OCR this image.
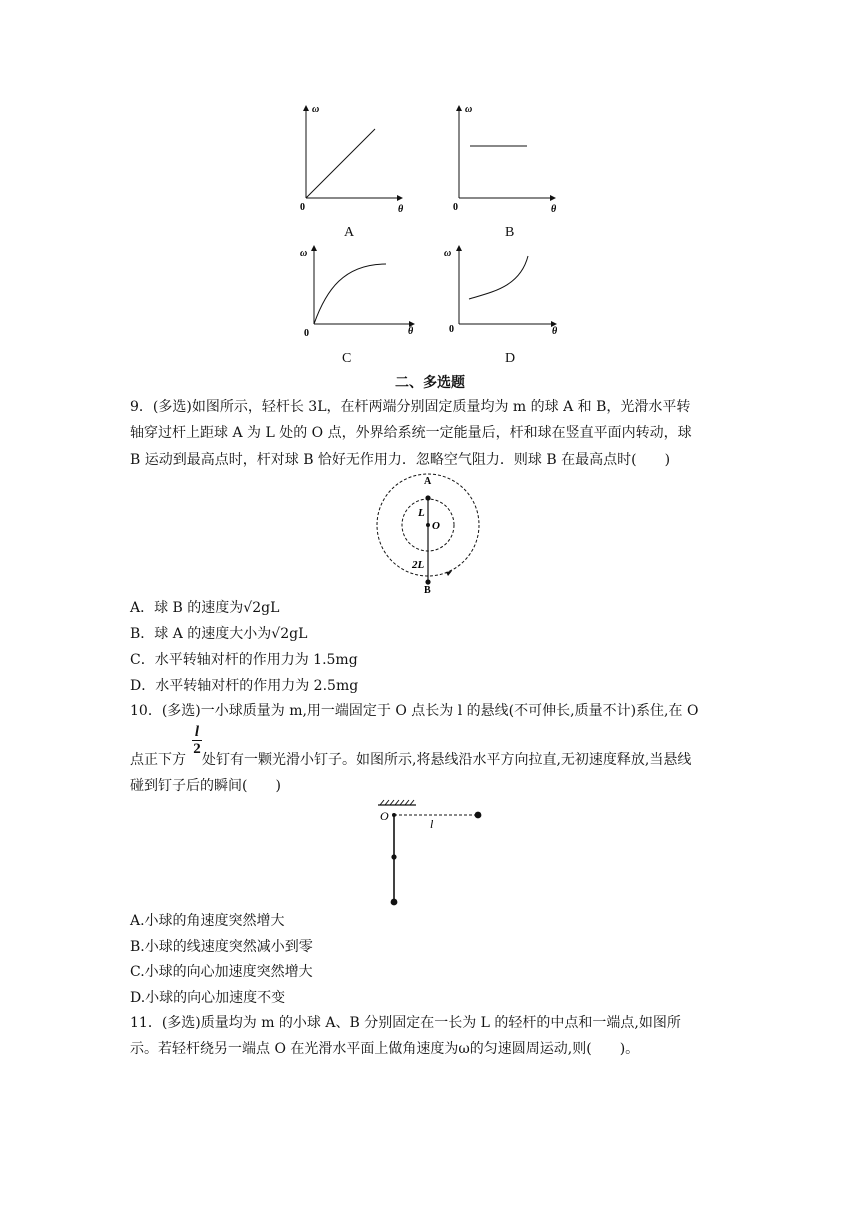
ω
θ
0
A
ω
θ
0
B
ω
θ
0
C
ω
θ
0
D
二、多选题
9．(多选)如图所示，轻杆长 3L，在杆两端分别固定质量均为 m 的球 A 和 B，光滑水平转
轴穿过杆上距球 A 为 L 处的 O 点，外界给系统一定能量后，杆和球在竖直平面内转动，球
B 运动到最高点时，杆对球 B 恰好无作用力．忽略空气阻力．则球 B 在最高点时(　　)
A
L
O
2L
B
A．球 B 的速度为√2gL
B．球 A 的速度大小为√2gL
C．水平转轴对杆的作用力为 1.5mg
D．水平转轴对杆的作用力为 2.5mg
10．(多选)一小球质量为 m,用一端固定于 O 点长为 l 的悬线(不可伸长,质量不计)系住,在 O
点正下方
$\frac{l}{2}$
处钉有一颗光滑小钉子。如图所示,将悬线沿水平方向拉直,无初速度释放,当悬线
碰到钉子后的瞬间(　　)
O
l
A.小球的角速度突然增大
B.小球的线速度突然减小到零
C.小球的向心加速度突然增大
D.小球的向心加速度不变
11．(多选)质量均为 m 的小球 A、B 分别固定在一长为 L 的轻杆的中点和一端点,如图所
示。若轻杆绕另一端点 O 在光滑水平面上做角速度为ω的匀速圆周运动,则(　　)。
